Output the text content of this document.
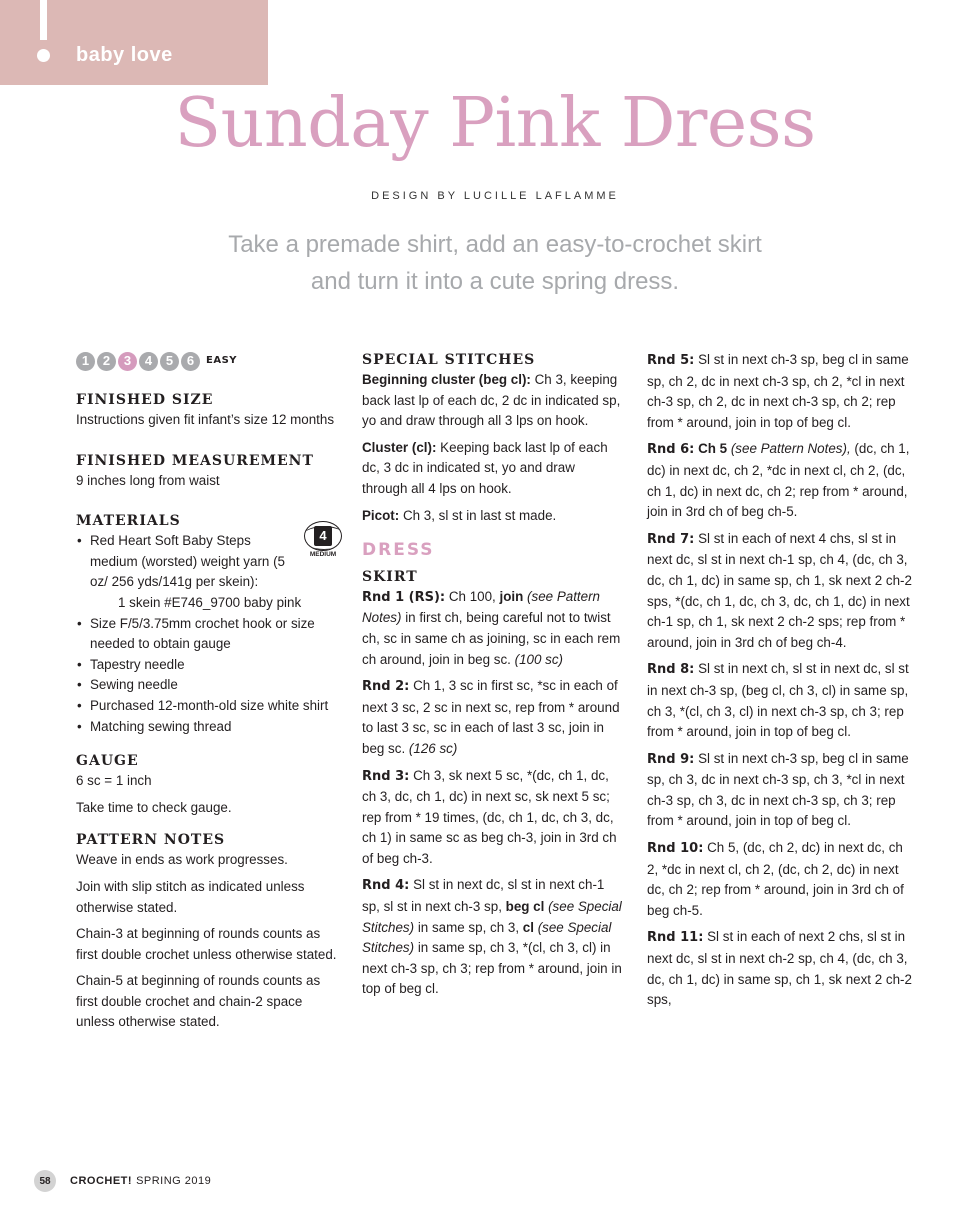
baby love
Sunday Pink Dress
DESIGN BY LUCILLE LAFLAMME
Take a premade shirt, add an easy-to-crochet skirt
and turn it into a cute spring dress.
1	2	3	4	5	6	EASY
FINISHED SIZE

Instructions given fit infant’s size 12 months

FINISHED MEASUREMENT

9 inches long from waist

MATERIALS
• Red Heart Soft Baby Steps medium (worsted) weight yarn (5 oz/ 256 yds/141g per skein):
1 skein #E746_9700 baby pink
• Size F/5/3.75mm crochet hook or size needed to obtain gauge
• Tapestry needle
• Sewing needle
• Purchased 12-month-old size white shirt
• Matching sewing thread
GAUGE

6 sc = 1 inch

Take time to check gauge.

PATTERN NOTES

Weave in ends as work progresses.

Join with slip stitch as indicated unless otherwise stated.

Chain-3 at beginning of rounds counts as first double crochet unless otherwise stated.

Chain-5 at beginning of rounds counts as first double crochet and chain-2 space unless otherwise stated.

4
MEDIUM
SPECIAL STITCHES

Beginning cluster (beg cl): Ch 3, keeping back last lp of each dc, 2 dc in indicated sp, yo and draw through all 3 lps on hook.

Cluster (cl): Keeping back last lp of each dc, 3 dc in indicated st, yo and draw through all 4 lps on hook.

Picot: Ch 3, sl st in last st made.

DRESS
SKIRT

Rnd 1 (RS): Ch 100, join (see Pattern Notes) in first ch, being careful not to twist ch, sc in same ch as joining, sc in each rem ch around, join in beg sc. (100 sc)

Rnd 2: Ch 1, 3 sc in first sc, *sc in each of next 3 sc, 2 sc in next sc, rep from * around to last 3 sc, sc in each of last 3 sc, join in beg sc. (126 sc)

Rnd 3: Ch 3, sk next 5 sc, *(dc, ch 1, dc, ch 3, dc, ch 1, dc) in next sc, sk next 5 sc; rep from * 19 times, (dc, ch 1, dc, ch 3, dc, ch 1) in same sc as beg ch-3, join in 3rd ch of beg ch-3.

Rnd 4: Sl st in next dc, sl st in next ch-1 sp, sl st in next ch-3 sp, beg cl (see Special Stitches) in same sp, ch 3, cl (see Special Stitches) in same sp, ch 3, *(cl, ch 3, cl) in next ch-3 sp, ch 3; rep from * around, join in top of beg cl.

Rnd 5: Sl st in next ch-3 sp, beg cl in same sp, ch 2, dc in next ch-3 sp, ch 2, *cl in next ch-3 sp, ch 2, dc in next ch-3 sp, ch 2; rep from * around, join in top of beg cl.

Rnd 6: Ch 5 (see Pattern Notes), (dc, ch 1, dc) in next dc, ch 2, *dc in next cl, ch 2, (dc, ch 1, dc) in next dc, ch 2; rep from * around, join in 3rd ch of beg ch-5.

Rnd 7: Sl st in each of next 4 chs, sl st in next dc, sl st in next ch-1 sp, ch 4, (dc, ch 3, dc, ch 1, dc) in same sp, ch 1, sk next 2 ch-2 sps, *(dc, ch 1, dc, ch 3, dc, ch 1, dc) in next ch-1 sp, ch 1, sk next 2 ch-2 sps; rep from * around, join in 3rd ch of beg ch-4.

Rnd 8: Sl st in next ch, sl st in next dc, sl st in next ch-3 sp, (beg cl, ch 3, cl) in same sp, ch 3, *(cl, ch 3, cl) in next ch-3 sp, ch 3; rep from * around, join in top of beg cl.

Rnd 9: Sl st in next ch-3 sp, beg cl in same sp, ch 3, dc in next ch-3 sp, ch 3, *cl in next ch-3 sp, ch 3, dc in next ch-3 sp, ch 3; rep from * around, join in top of beg cl.

Rnd 10: Ch 5, (dc, ch 2, dc) in next dc, ch 2, *dc in next cl, ch 2, (dc, ch 2, dc) in next dc, ch 2; rep from * around, join in 3rd ch of beg ch-5.

Rnd 11: Sl st in each of next 2 chs, sl st in next dc, sl st in next ch-2 sp, ch 4, (dc, ch 3, dc, ch 1, dc) in same sp, ch 1, sk next 2 ch-2 sps,

58	CROCHET! SPRING 2019
